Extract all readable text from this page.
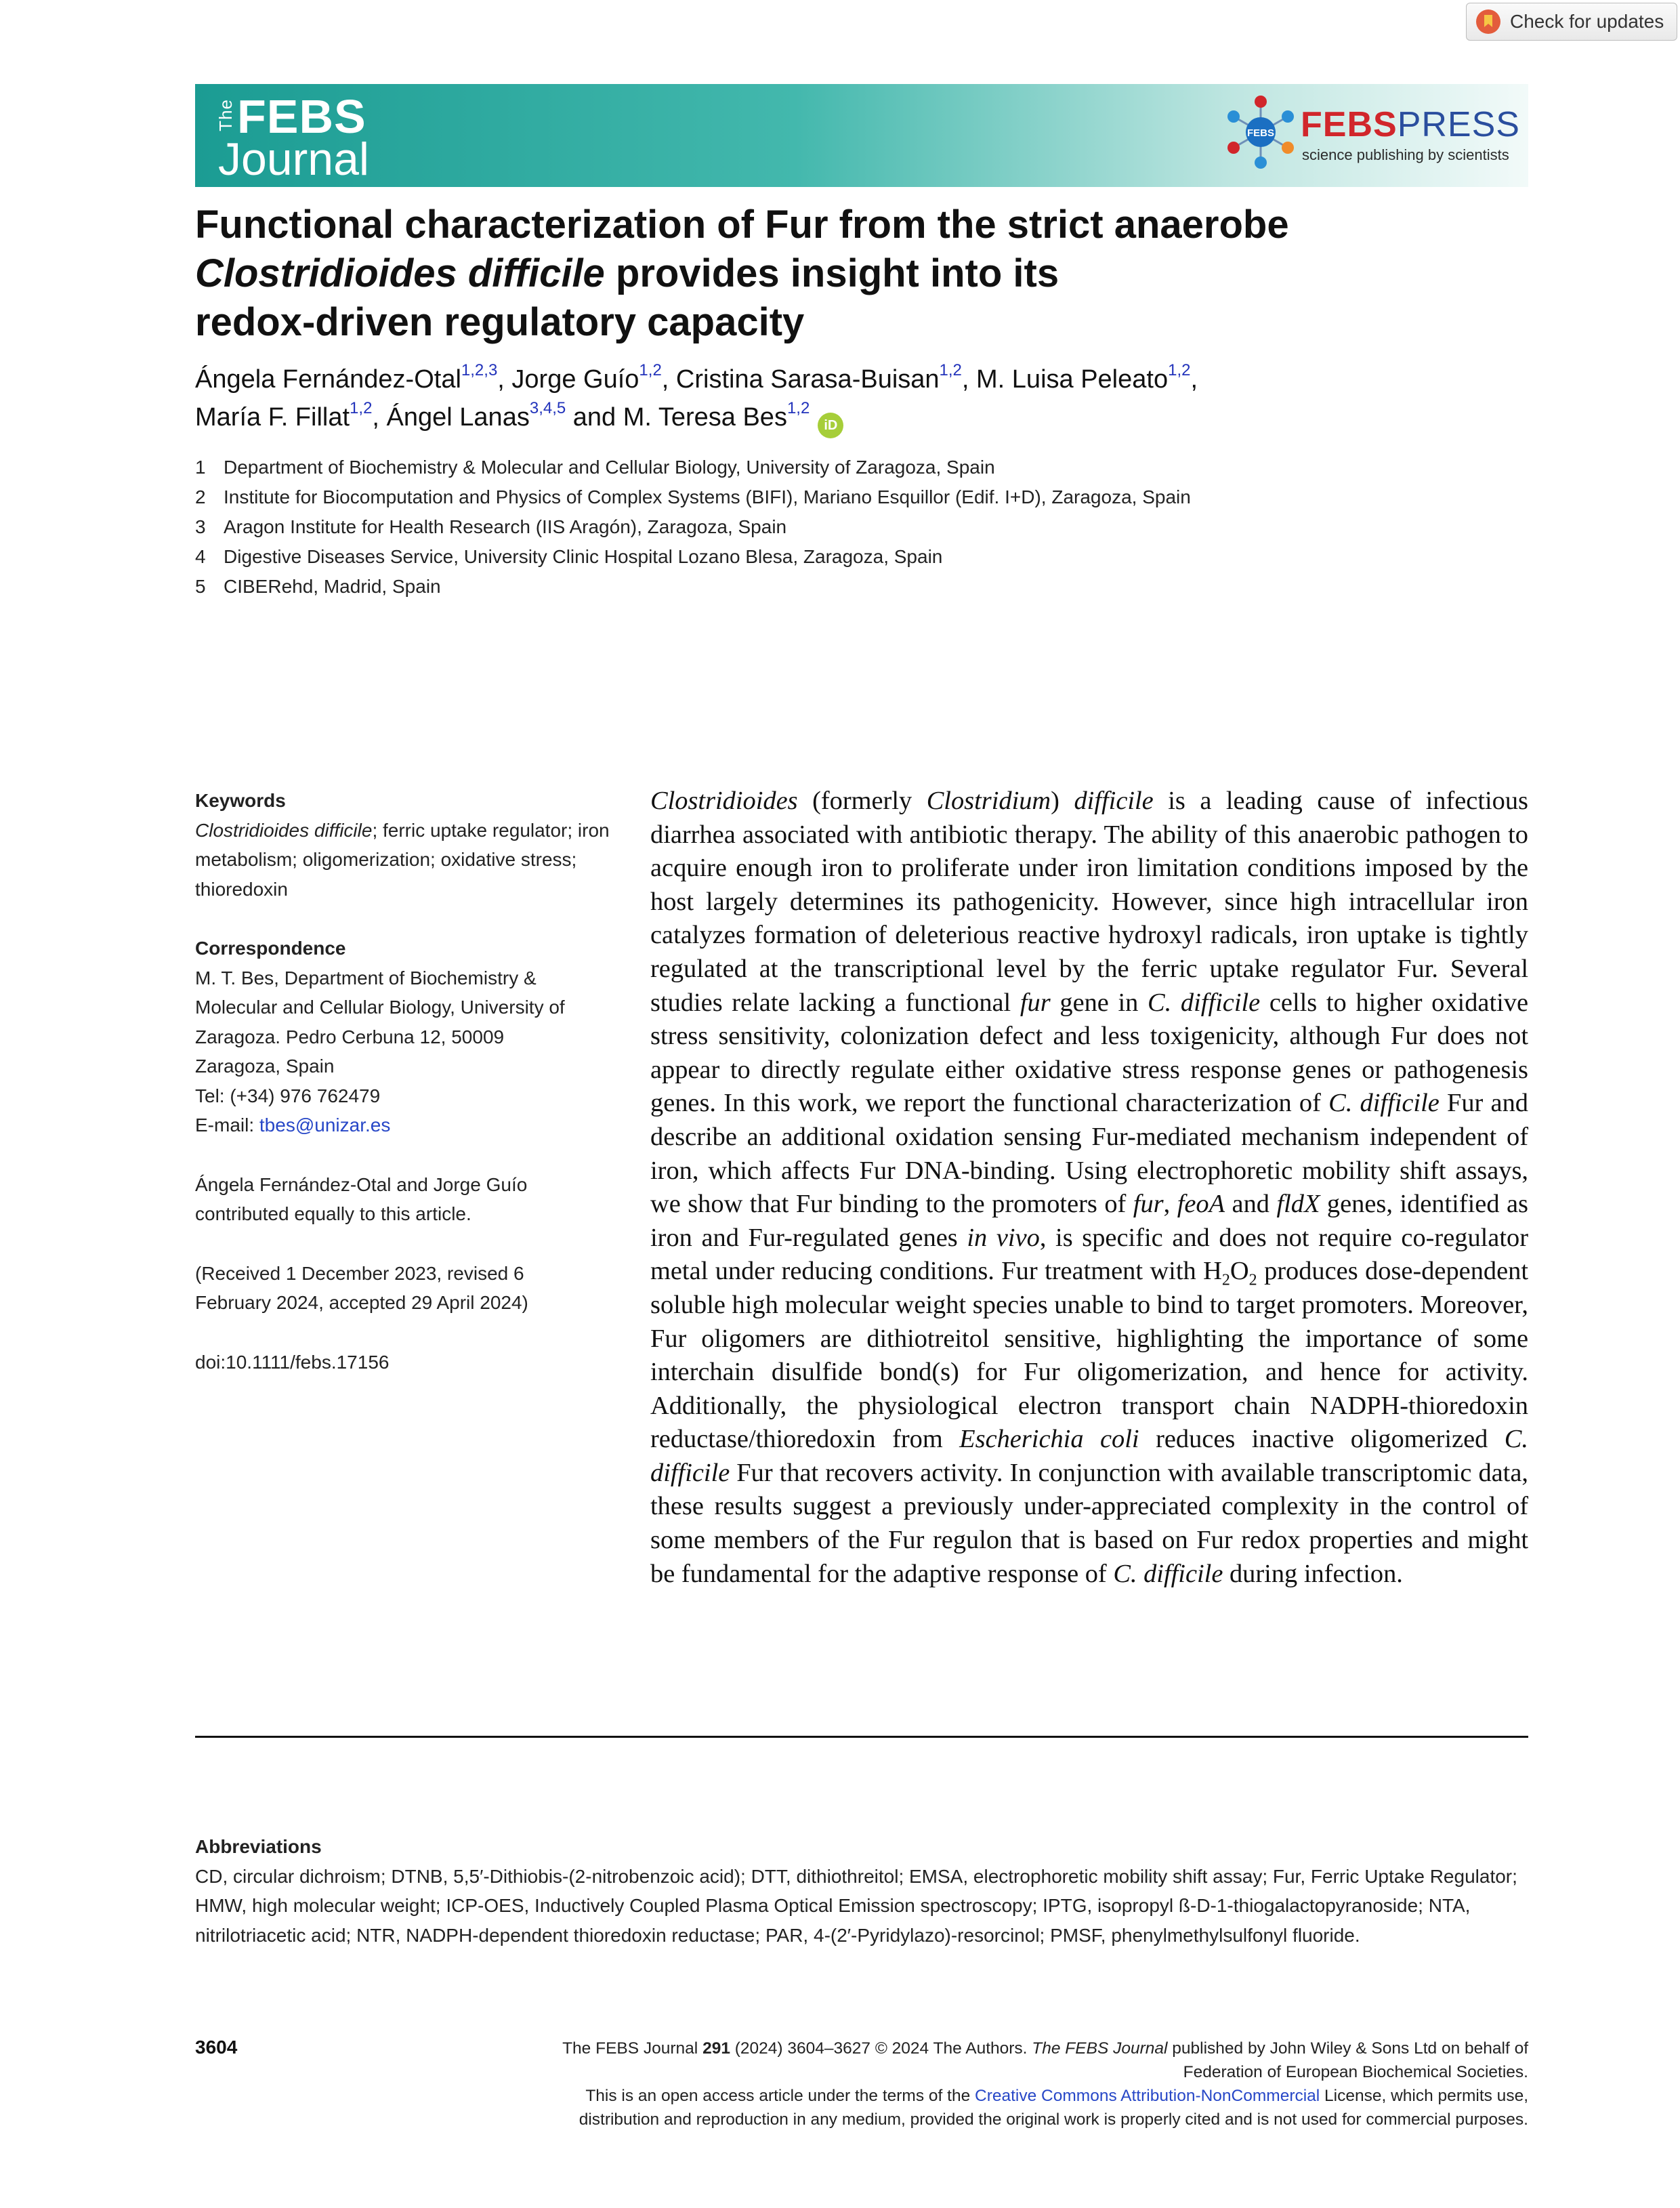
Check for updates
The FEBS
Journal
FEBS FEBSPRESS
science publishing by scientists
Functional characterization of Fur from the strict anaerobe
Clostridioides difficile provides insight into its
redox-driven regulatory capacity
Ángela Fernández-Otal$^{1,2,3}$, Jorge Guío$^{1,2}$, Cristina Sarasa-Buisan$^{1,2}$, M. Luisa Peleato$^{1,2}$,
María F. Fillat$^{1,2}$, Ángel Lanas$^{3,4,5}$ and M. Teresa Bes$^{1,2}$iD
1 Department of Biochemistry & Molecular and Cellular Biology, University of Zaragoza, Spain
2 Institute for Biocomputation and Physics of Complex Systems (BIFI), Mariano Esquillor (Edif. I+D), Zaragoza, Spain
3 Aragon Institute for Health Research (IIS Aragón), Zaragoza, Spain
4 Digestive Diseases Service, University Clinic Hospital Lozano Blesa, Zaragoza, Spain
5 CIBERehd, Madrid, Spain
Keywords
Clostridioides difficile; ferric uptake regulator; iron metabolism; oligomerization; oxidative stress; thioredoxin
Correspondence
M. T. Bes, Department of Biochemistry &
Molecular and Cellular Biology, University of
Zaragoza. Pedro Cerbuna 12, 50009
Zaragoza, Spain
Tel: (+34) 976 762479
E-mail: tbes@unizar.es
Ángela Fernández-Otal and Jorge Guío
contributed equally to this article.
(Received 1 December 2023, revised 6
February 2024, accepted 29 April 2024)
doi:10.1111/febs.17156
Clostridioides (formerly Clostridium) difficile is a leading cause of infectious diarrhea associated with antibiotic therapy. The ability of this anaerobic pathogen to acquire enough iron to proliferate under iron limitation conditions imposed by the host largely determines its pathogenicity. However, since high intracellular iron catalyzes formation of deleterious reactive hydroxyl radicals, iron uptake is tightly regulated at the transcriptional level by the ferric uptake regulator Fur. Several studies relate lacking a functional fur gene in C. difficile cells to higher oxidative stress sensitivity, colonization defect and less toxigenicity, although Fur does not appear to directly regulate either oxidative stress response genes or pathogenesis genes. In this work, we report the functional characterization of C. difficile Fur and describe an additional oxidation sensing Fur-mediated mechanism independent of iron, which affects Fur DNA-binding. Using electrophoretic mobility shift assays, we show that Fur binding to the promoters of fur, feoA and fldX genes, identified as iron and Fur-regulated genes in vivo, is specific and does not require co-regulator metal under reducing conditions. Fur treatment with $H_2O_2$ produces dose-dependent soluble high molecular weight species unable to bind to target promoters. Moreover, Fur oligomers are dithiotreitol sensitive, highlighting the importance of some interchain disulfide bond(s) for Fur oligomerization, and hence for activity. Additionally, the physiological electron transport chain NADPH-thioredoxin reductase/thioredoxin from Escherichia coli reduces inactive oligomerized C. difficile Fur that recovers activity. In conjunction with available transcriptomic data, these results suggest a previously under-appreciated complexity in the control of some members of the Fur regulon that is based on Fur redox properties and might be fundamental for the adaptive response of C. difficile during infection.
Abbreviations
CD, circular dichroism; DTNB, 5,5′-Dithiobis-(2-nitrobenzoic acid); DTT, dithiothreitol; EMSA, electrophoretic mobility shift assay; Fur, Ferric Uptake Regulator; HMW, high molecular weight; ICP-OES, Inductively Coupled Plasma Optical Emission spectroscopy; IPTG, isopropyl ß-D-1-thiogalactopyranoside; NTA, nitrilotriacetic acid; NTR, NADPH-dependent thioredoxin reductase; PAR, 4-(2′-Pyridylazo)-resorcinol; PMSF, phenylmethylsulfonyl fluoride.
3604	The FEBS Journal 291 (2024) 3604–3627 © 2024 The Authors. The FEBS Journal published by John Wiley & Sons Ltd on behalf of
Federation of European Biochemical Societies.
This is an open access article under the terms of the Creative Commons Attribution-NonCommercial License, which permits use,
distribution and reproduction in any medium, provided the original work is properly cited and is not used for commercial purposes.
